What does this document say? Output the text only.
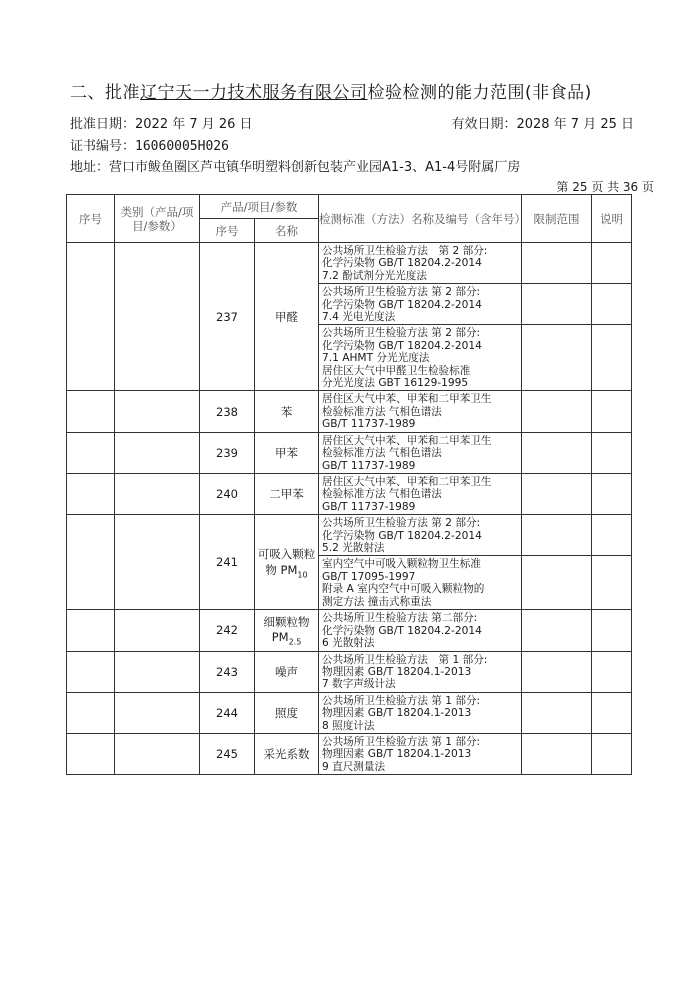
二、批准辽宁天一力技术服务有限公司检验检测的能力范围(非食品)
批准日期：2022 年 7 月 26 日	有效日期：2028 年 7 月 25 日
证书编号：16060005H026
地址：营口市鲅鱼圈区芦屯镇华明塑料创新包装产业园A1-3、A1-4号附属厂房
第 25 页 共 36 页
序号	类别（产品/项目/参数）	产品/项目/参数		检测标准（方法）名称及编号（含年号）	限制范围	说明
		序号	名称			
		237	甲醛	公共场所卫生检验方法　第 2 部分:
化学污染物 GB/T 18204.2-2014
7.2 酚试剂分光光度法		

				公共场所卫生检验方法 第 2 部分:
化学污染物 GB/T 18204.2-2014
7.4 光电光度法		

				公共场所卫生检验方法 第 2 部分:
化学污染物 GB/T 18204.2-2014
7.1 AHMT 分光光度法
居住区大气中甲醛卫生检验标准
分光光度法 GBT 16129-1995		

		238	苯	居住区大气中苯、甲苯和二甲苯卫生
检验标准方法 气相色谱法
GB/T 11737-1989		

		239	甲苯	居住区大气中苯、甲苯和二甲苯卫生
检验标准方法 气相色谱法
GB/T 11737-1989		

		240	二甲苯	居住区大气中苯、甲苯和二甲苯卫生
检验标准方法 气相色谱法
GB/T 11737-1989		

		241	可吸入颗粒物 $PM_{10}$	公共场所卫生检验方法 第 2 部分:
化学污染物 GB/T 18204.2-2014
5.2 光散射法		

				室内空气中可吸入颗粒物卫生标准
GB/T 17095-1997
附录 A 室内空气中可吸入颗粒物的
测定方法 撞击式称重法		

		242	细颗粒物 $PM_{2.5}$	公共场所卫生检验方法 第二部分:
化学污染物 GB/T 18204.2-2014
6 光散射法		

		243	噪声	公共场所卫生检验方法　第 1 部分:
物理因素 GB/T 18204.1-2013
7 数字声级计法		

		244	照度	公共场所卫生检验方法 第 1 部分:
物理因素 GB/T 18204.1-2013
8 照度计法		

		245	采光系数	公共场所卫生检验方法 第 1 部分:
物理因素 GB/T 18204.1-2013
9 直尺测量法		
